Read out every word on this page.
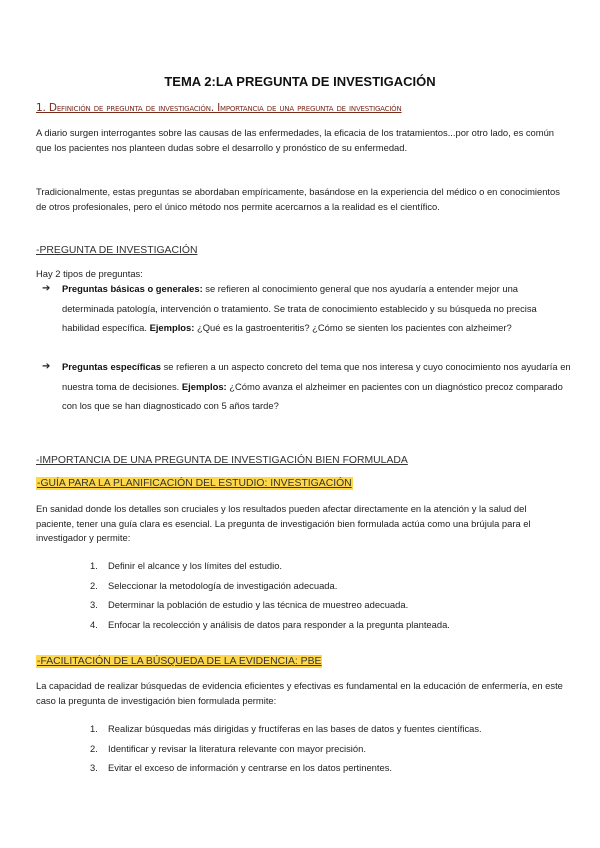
TEMA 2:LA PREGUNTA DE INVESTIGACIÓN
1. Definición de pregunta de investigación. Importancia de una pregunta de investigación
A diario surgen interrogantes sobre las causas de las enfermedades, la eficacia de los tratamientos...por otro lado, es común que los pacientes nos planteen dudas sobre el desarrollo y pronóstico de su enfermedad.
Tradicionalmente, estas preguntas se abordaban empíricamente, basándose en la experiencia del médico o en conocimientos de otros profesionales, pero el único método nos permite acercarnos a la realidad es el científico.
-PREGUNTA DE INVESTIGACIÓN
Hay 2 tipos de preguntas:
➔ Preguntas básicas o generales: se refieren al conocimiento general que nos ayudaría a entender mejor una determinada patología, intervención o tratamiento. Se trata de conocimiento establecido y su búsqueda no precisa habilidad específica. Ejemplos: ¿Qué es la gastroenteritis? ¿Cómo se sienten los pacientes con alzheimer?
➔ Preguntas específicas se refieren a un aspecto concreto del tema que nos interesa y cuyo conocimiento nos ayudaría en nuestra toma de decisiones. Ejemplos: ¿Cómo avanza el alzheimer en pacientes con un diagnóstico precoz comparado con los que se han diagnosticado con 5 años tarde?
-IMPORTANCIA DE UNA PREGUNTA DE INVESTIGACIÓN BIEN FORMULADA
-GUÍA PARA LA PLANIFICACIÓN DEL ESTUDIO: INVESTIGACIÓN
En sanidad donde los detalles son cruciales y los resultados pueden afectar directamente en la atención y la salud del paciente, tener una guía clara es esencial. La pregunta de investigación bien formulada actúa como una brújula para el investigador y permite:
1. Definir el alcance y los límites del estudio.
2. Seleccionar la metodología de investigación adecuada.
3. Determinar la población de estudio y las técnica de muestreo adecuada.
4. Enfocar la recolección y análisis de datos para responder a la pregunta planteada.
-FACILITACIÓN DE LA BÚSQUEDA DE LA EVIDENCIA: PBE
La capacidad de realizar búsquedas de evidencia eficientes y efectivas es fundamental en la educación de enfermería, en este caso la pregunta de investigación bien formulada permite:
1. Realizar búsquedas más dirigidas y fructíferas en las bases de datos y fuentes científicas.
2. Identificar y revisar la literatura relevante con mayor precisión.
3. Evitar el exceso de información y centrarse en los datos pertinentes.
